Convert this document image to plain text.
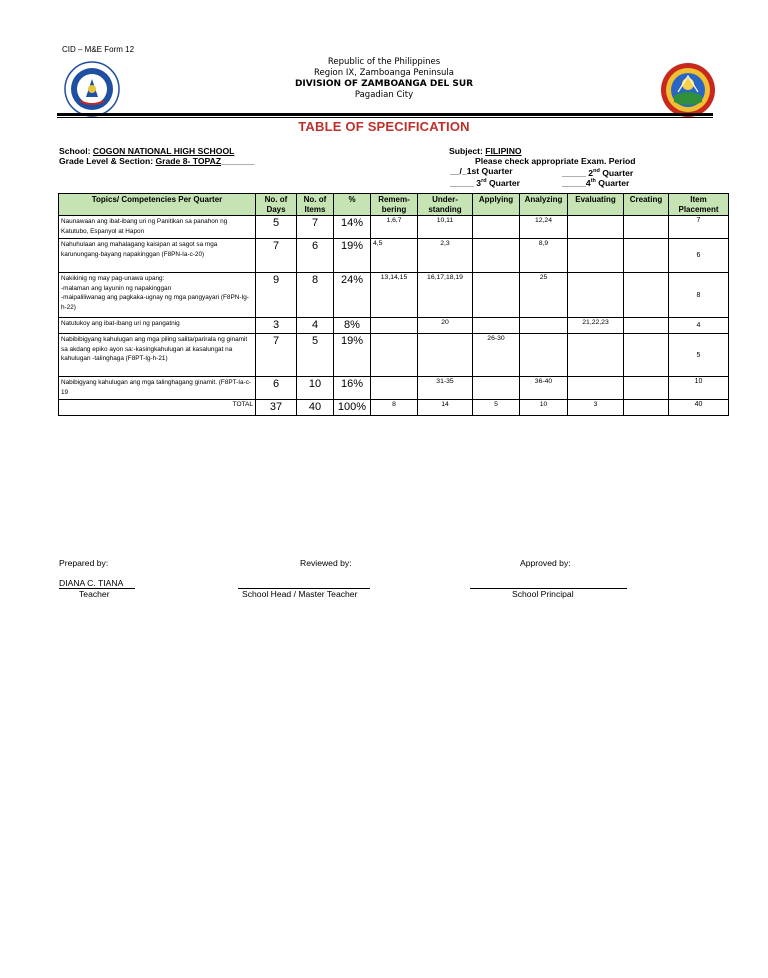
CID – M&E Form 12
Republic of the Philippines
Region IX, Zamboanga Peninsula
DIVISION OF ZAMBOANGA DEL SUR
Pagadian City
TABLE OF SPECIFICATION
School: COGON NATIONAL HIGH SCHOOL
Grade Level & Section: Grade 8- TOPAZ_______
Subject: FILIPINO
Please check appropriate Exam. Period
__/_1st Quarter	_____ 2nd Quarter
_____ 3rd Quarter	_____4th Quarter
Topics/ Competencies Per Quarter	No. of Days	No. of Items	%	Remem-bering	Under-standing	Applying	Analyzing	Evaluating	Creating	Item Placement
Naunawaan ang ibat-ibang uri ng Panitikan sa panahon ng Katutubo, Espanyol at Hapon	5	7	14%	1,6,7	10,11		12,24			7
Nahuhulaan ang mahalagang kaisipan at sagot sa mga karunungang-bayang napakinggan (F8PN-Ia-c-20)	7	6	19%	4,5	2,3		8,9			6
Nakikinig ng may pag-unawa upang:
-malaman ang layunin ng napakinggan
-maipaliliwanag ang pagkaka-ugnay ng mga pangyayari (F8PN-Ig-h-22)	9	8	24%	13,14,15	16,17,18,19		25			8
Natutukoy ang ibat-ibang uri ng pangatnig	3	4	8%		20			21,22,23		4
Nabibibigyang kahulugan ang mga piling salita/parirala ng ginamit sa akdang epiko ayon sa:-kasingkahulugan at kasalungat na kahulugan -talinghaga (F8PT-Ig-h-21)	7	5	19%			26-30				5
Nabibigyang kahulugan ang mga talinghagang ginamit. (F8PT-Ia-c-19	6	10	16%		31-35		36-40			10
TOTAL	37	40	100%	8	14	5	10	3		40
Prepared by:	Reviewed by:	Approved by:
DIANA C. TIANA
Teacher	School Head / Master Teacher	School Principal
